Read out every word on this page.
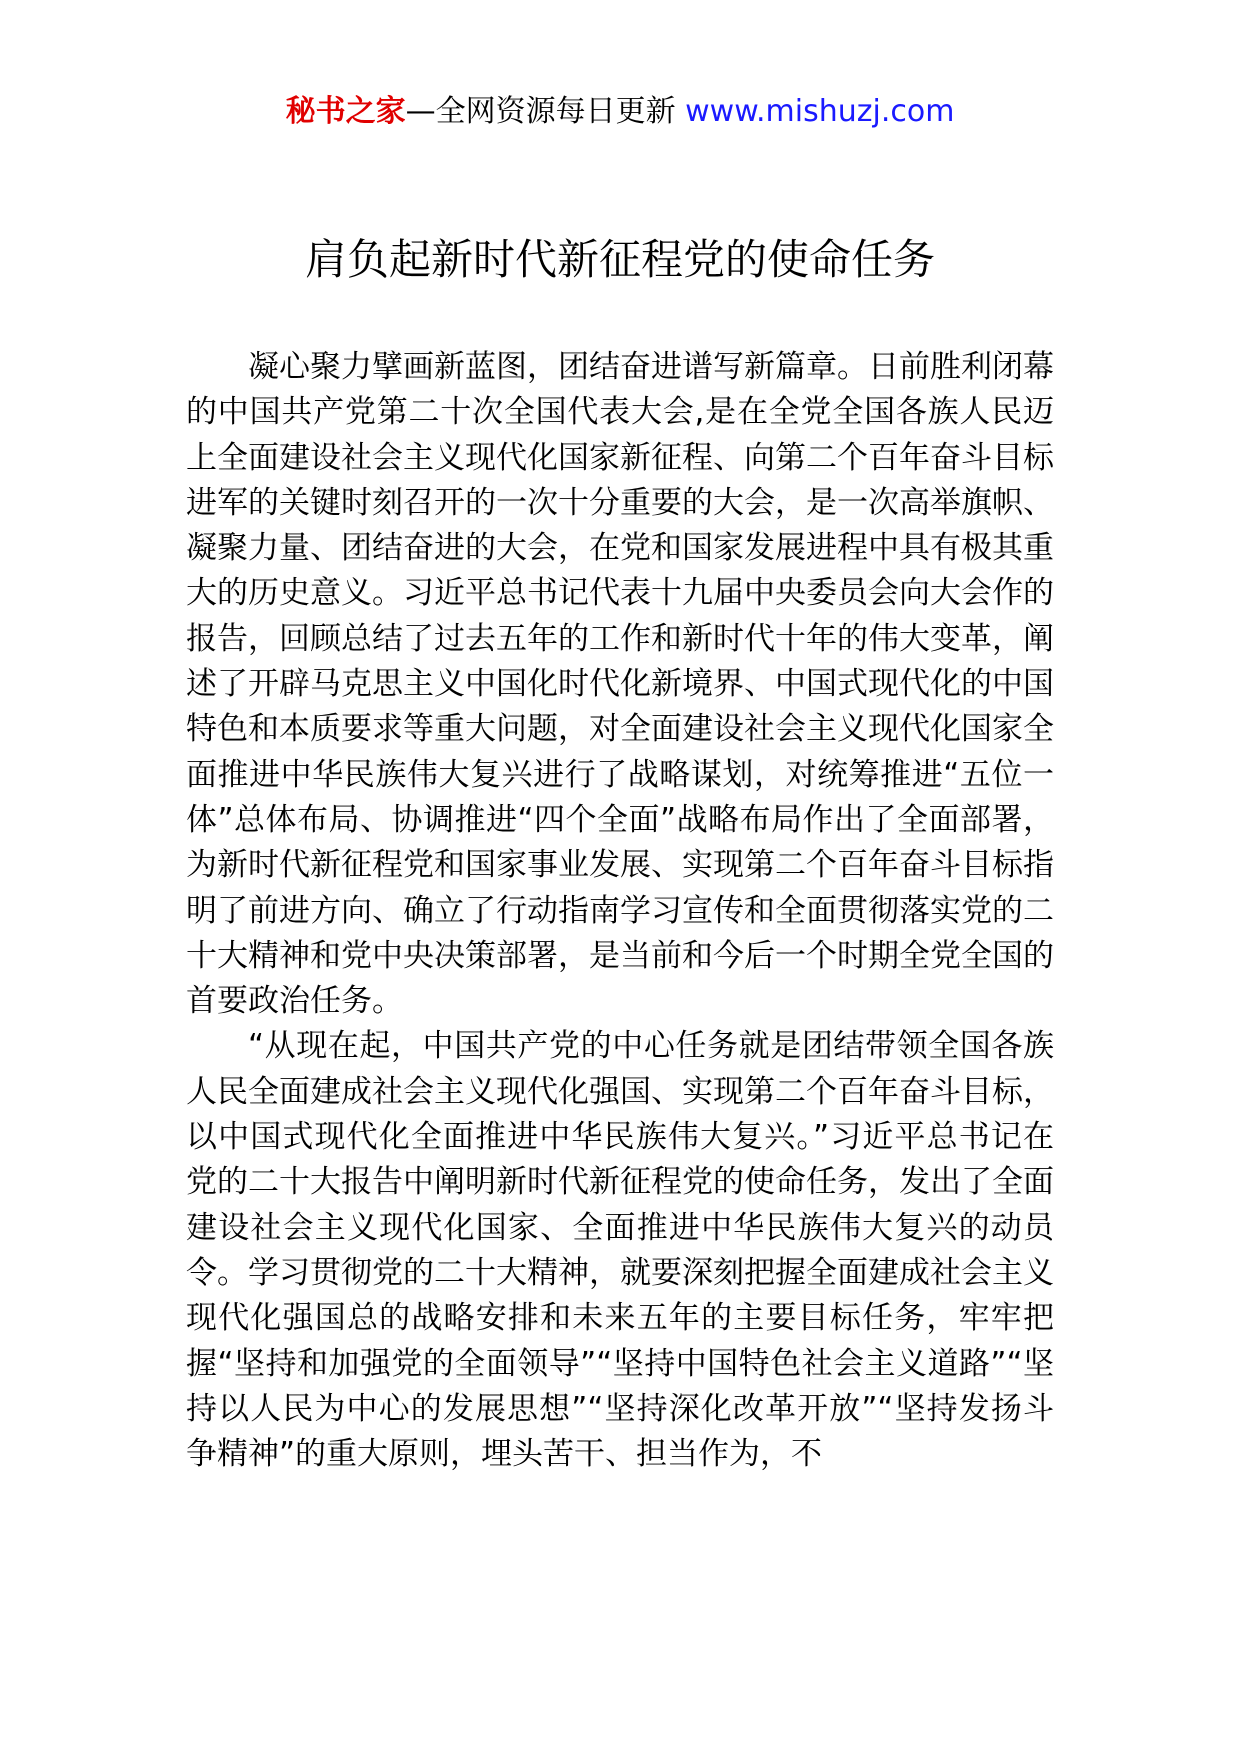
秘书之家—全网资源每日更新 www.mishuzj.com
肩负起新时代新征程党的使命任务

凝心聚力擘画新蓝图，团结奋进谱写新篇章。日前胜利闭幕的中国共产党第二十次全国代表大会,是在全党全国各族人民迈上全面建设社会主义现代化国家新征程、向第二个百年奋斗目标进军的关键时刻召开的一次十分重要的大会，是一次高举旗帜、凝聚力量、团结奋进的大会，在党和国家发展进程中具有极其重大的历史意义。习近平总书记代表十九届中央委员会向大会作的报告，回顾总结了过去五年的工作和新时代十年的伟大变革，阐述了开辟马克思主义中国化时代化新境界、中国式现代化的中国特色和本质要求等重大问题，对全面建设社会主义现代化国家全面推进中华民族伟大复兴进行了战略谋划，对统筹推进“五位一体”总体布局、协调推进“四个全面”战略布局作出了全面部署，为新时代新征程党和国家事业发展、实现第二个百年奋斗目标指明了前进方向、确立了行动指南学习宣传和全面贯彻落实党的二十大精神和党中央决策部署，是当前和今后一个时期全党全国的首要政治任务。

“从现在起，中国共产党的中心任务就是团结带领全国各族人民全面建成社会主义现代化强国、实现第二个百年奋斗目标，以中国式现代化全面推进中华民族伟大复兴。”习近平总书记在党的二十大报告中阐明新时代新征程党的使命任务，发出了全面建设社会主义现代化国家、全面推进中华民族伟大复兴的动员令。学习贯彻党的二十大精神，就要深刻把握全面建成社会主义现代化强国总的战略安排和未来五年的主要目标任务，牢牢把握“坚持和加强党的全面领导”“坚持中国特色社会主义道路”“坚持以人民为中心的发展思想”“坚持深化改革开放”“坚持发扬斗争精神”的重大原则，埋头苦干、担当作为，不
